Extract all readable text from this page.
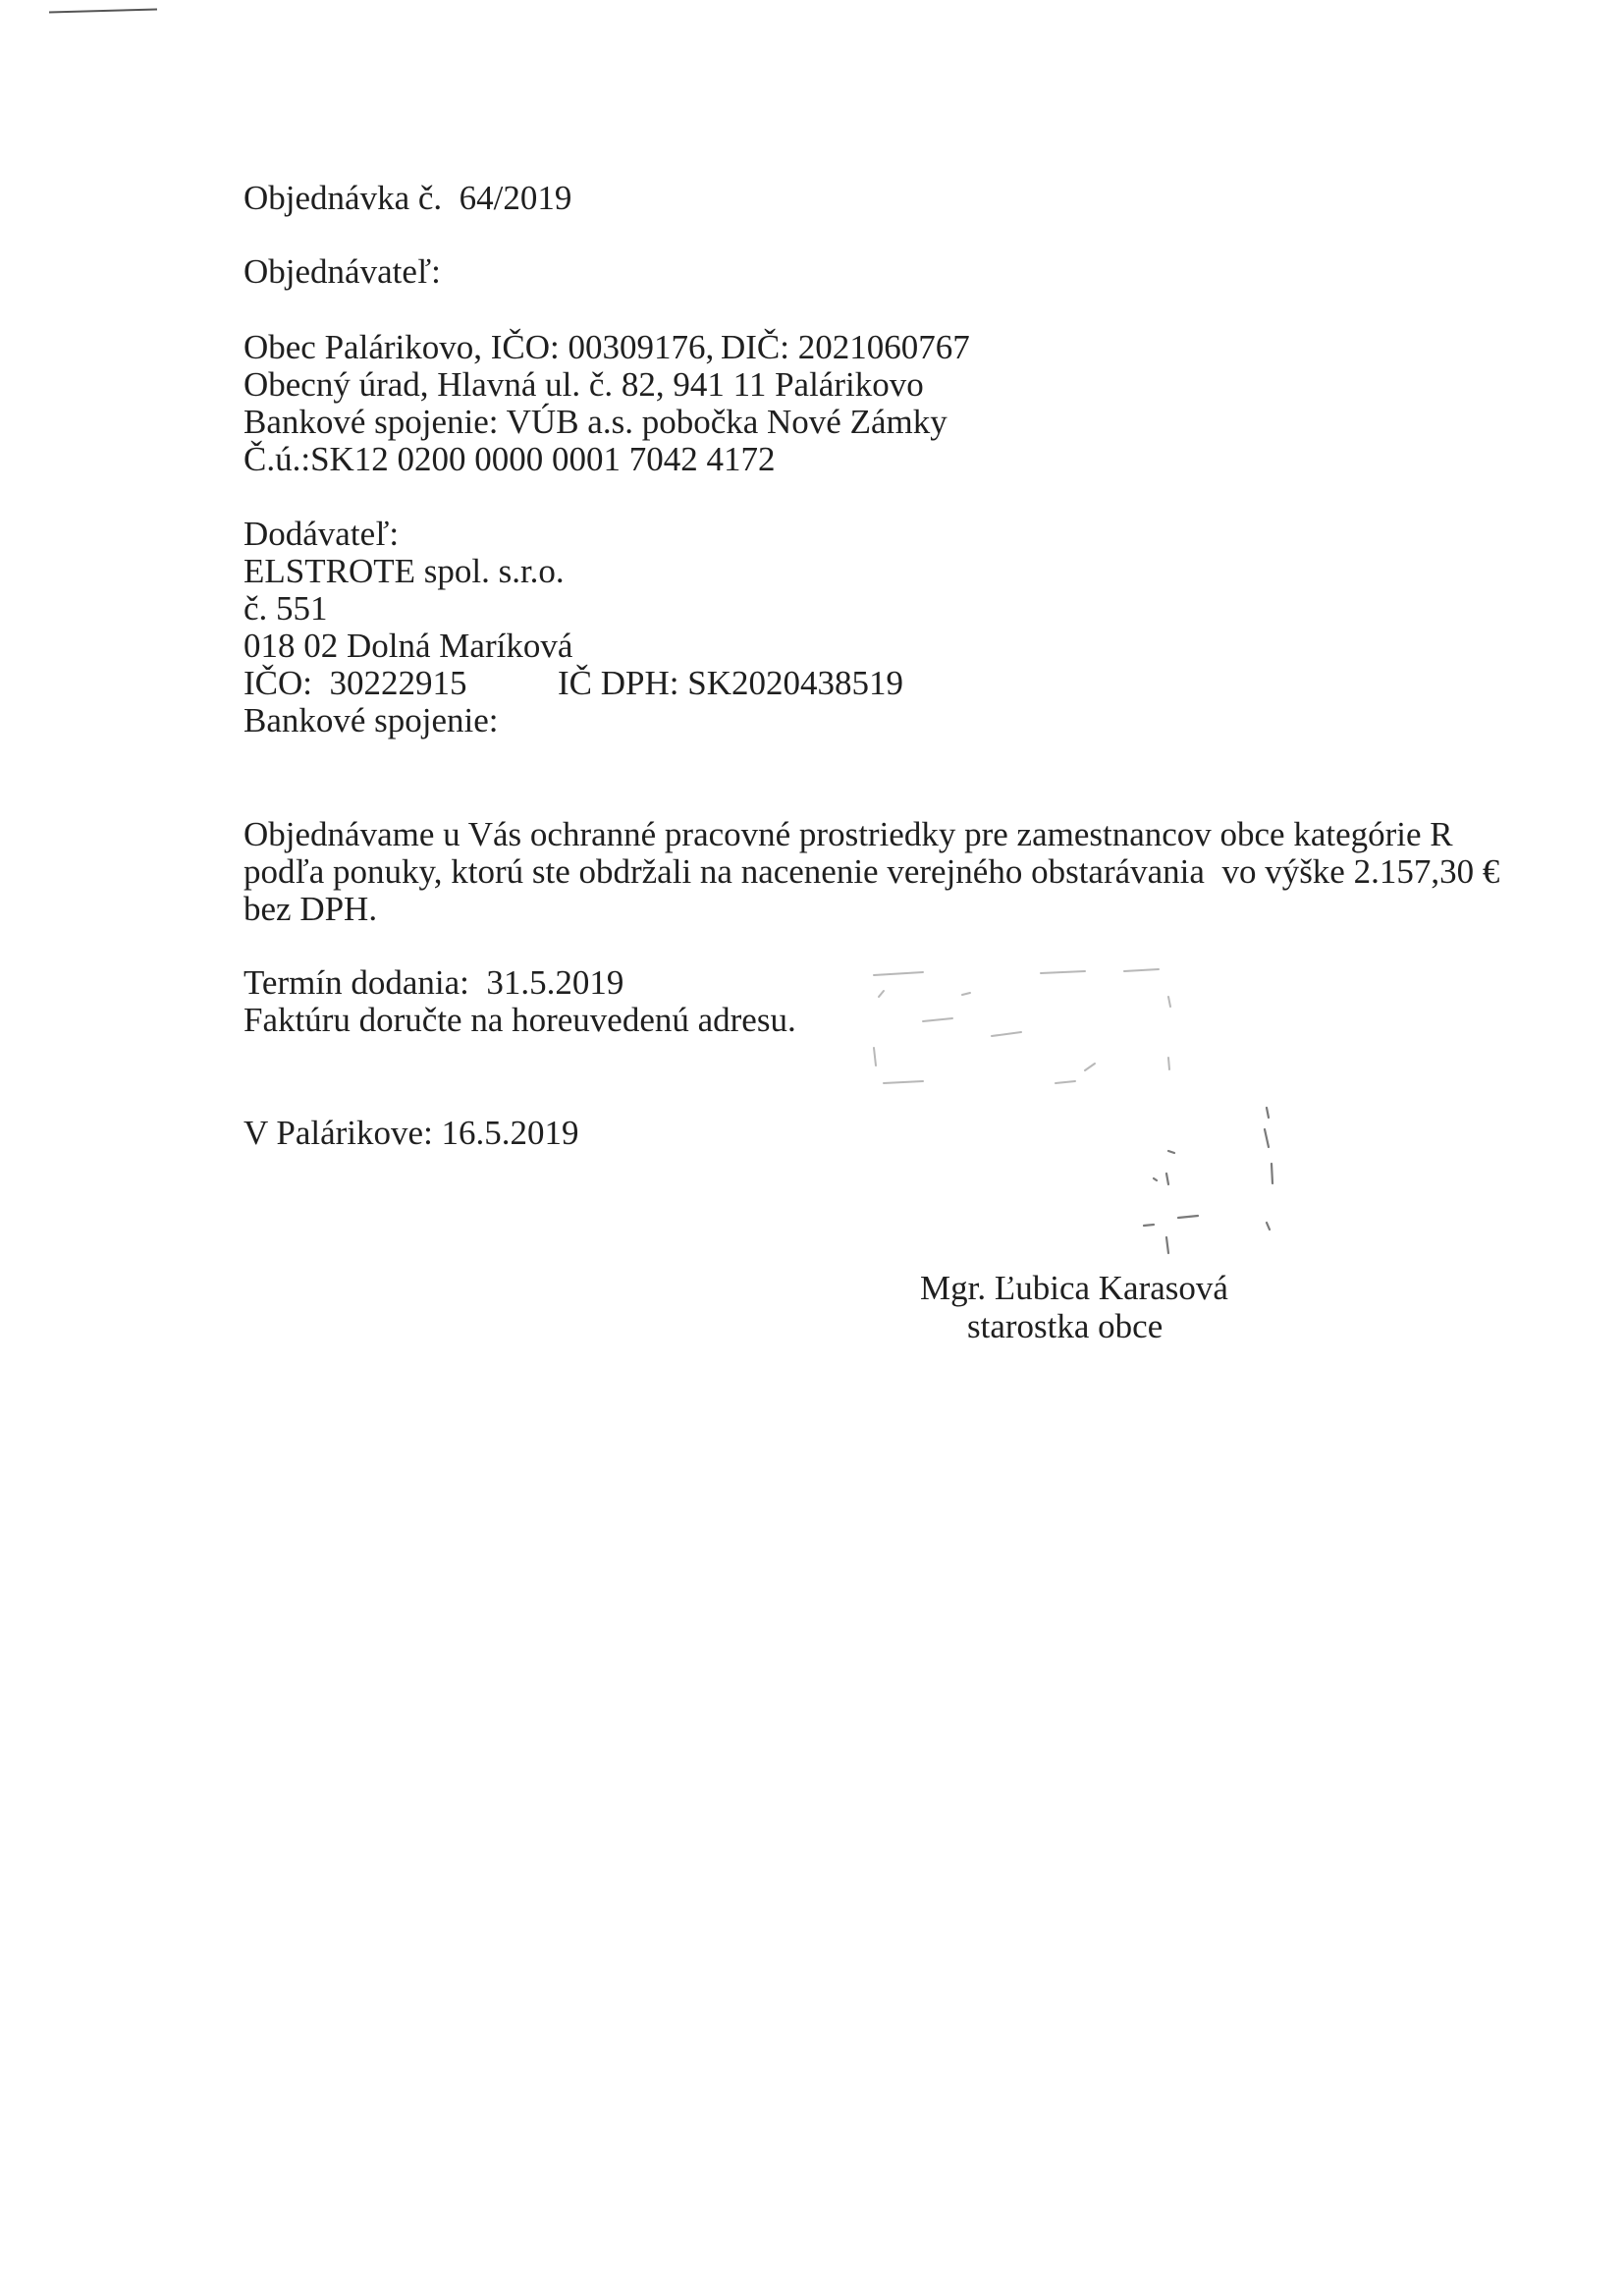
Objednávka č.  64/2019
Objednávateľ:
Obec Palárikovo, IČO: 00309176, DIČ: 2021060767
Obecný úrad, Hlavná ul. č. 82, 941 11 Palárikovo
Bankové spojenie: VÚB a.s. pobočka Nové Zámky
Č.ú.:SK12 0200 0000 0001 7042 4172
Dodávateľ:
ELSTROTE spol. s.r.o.
č. 551
018 02 Dolná Maríková
IČO:  30222915	IČ DPH: SK2020438519
Bankové spojenie:
Objednávame u Vás ochranné pracovné prostriedky pre zamestnancov obce kategórie R
podľa ponuky, ktorú ste obdržali na nacenenie verejného obstarávania  vo výške 2.157,30 €
bez DPH.
Termín dodania:  31.5.2019
Faktúru doručte na horeuvedenú adresu.
V Palárikove: 16.5.2019
Mgr. Ľubica Karasová
starostka obce
